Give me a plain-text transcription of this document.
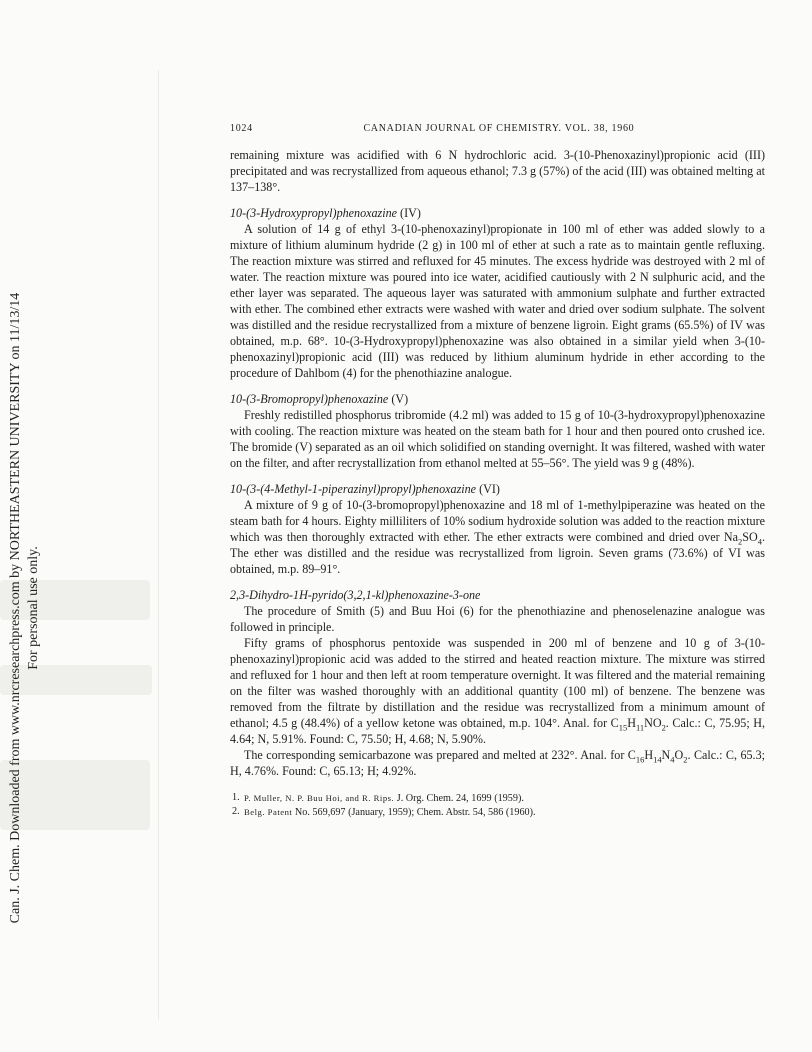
Can. J. Chem. Downloaded from www.nrcresearchpress.com by NORTHEASTERN UNIVERSITY on 11/13/14 For personal use only.
1024	CANADIAN JOURNAL OF CHEMISTRY. VOL. 38, 1960

remaining mixture was acidified with 6 N hydrochloric acid. 3-(10-Phenoxazinyl)propionic acid (III) precipitated and was recrystallized from aqueous ethanol; 7.3 g (57%) of the acid (III) was obtained melting at 137–138°.

10-(3-Hydroxypropyl)phenoxazine (IV)

A solution of 14 g of ethyl 3-(10-phenoxazinyl)propionate in 100 ml of ether was added slowly to a mixture of lithium aluminum hydride (2 g) in 100 ml of ether at such a rate as to maintain gentle refluxing. The reaction mixture was stirred and refluxed for 45 minutes. The excess hydride was destroyed with 2 ml of water. The reaction mixture was poured into ice water, acidified cautiously with 2 N sulphuric acid, and the ether layer was separated. The aqueous layer was saturated with ammonium sulphate and further extracted with ether. The combined ether extracts were washed with water and dried over sodium sulphate. The solvent was distilled and the residue recrystallized from a mixture of benzene ligroin. Eight grams (65.5%) of IV was obtained, m.p. 68°. 10-(3-Hydroxypropyl)phenoxazine was also obtained in a similar yield when 3-(10-phenoxazinyl)propionic acid (III) was reduced by lithium aluminum hydride in ether according to the procedure of Dahlbom (4) for the phenothiazine analogue.

10-(3-Bromopropyl)phenoxazine (V)

Freshly redistilled phosphorus tribromide (4.2 ml) was added to 15 g of 10-(3-hydroxypropyl)phenoxazine with cooling. The reaction mixture was heated on the steam bath for 1 hour and then poured onto crushed ice. The bromide (V) separated as an oil which solidified on standing overnight. It was filtered, washed with water on the filter, and after recrystallization from ethanol melted at 55–56°. The yield was 9 g (48%).

10-(3-(4-Methyl-1-piperazinyl)propyl)phenoxazine (VI)

A mixture of 9 g of 10-(3-bromopropyl)phenoxazine and 18 ml of 1-methylpiperazine was heated on the steam bath for 4 hours. Eighty milliliters of 10% sodium hydroxide solution was added to the reaction mixture which was then thoroughly extracted with ether. The ether extracts were combined and dried over $Na_2SO_4$. The ether was distilled and the residue was recrystallized from ligroin. Seven grams (73.6%) of VI was obtained, m.p. 89–91°.

2,3-Dihydro-1H-pyrido(3,2,1-kl)phenoxazine-3-one

The procedure of Smith (5) and Buu Hoi (6) for the phenothiazine and phenoselenazine analogue was followed in principle.

Fifty grams of phosphorus pentoxide was suspended in 200 ml of benzene and 10 g of 3-(10-phenoxazinyl)propionic acid was added to the stirred and heated reaction mixture. The mixture was stirred and refluxed for 1 hour and then left at room temperature overnight. It was filtered and the material remaining on the filter was washed thoroughly with an additional quantity (100 ml) of benzene. The benzene was removed from the filtrate by distillation and the residue was recrystallized from a minimum amount of ethanol; 4.5 g (48.4%) of a yellow ketone was obtained, m.p. 104°. Anal. for $C_{15}H_{11}NO_2$. Calc.: C, 75.95; H, 4.64; N, 5.91%. Found: C, 75.50; H, 4.68; N, 5.90%.

The corresponding semicarbazone was prepared and melted at 232°. Anal. for $C_{16}H_{14}N_4O_2$. Calc.: C, 65.3; H, 4.76%. Found: C, 65.13; H; 4.92%.

1. P. Muller, N. P. Buu Hoi, and R. Rips. J. Org. Chem. 24, 1699 (1959).
2. Belg. Patent No. 569,697 (January, 1959); Chem. Abstr. 54, 586 (1960).
